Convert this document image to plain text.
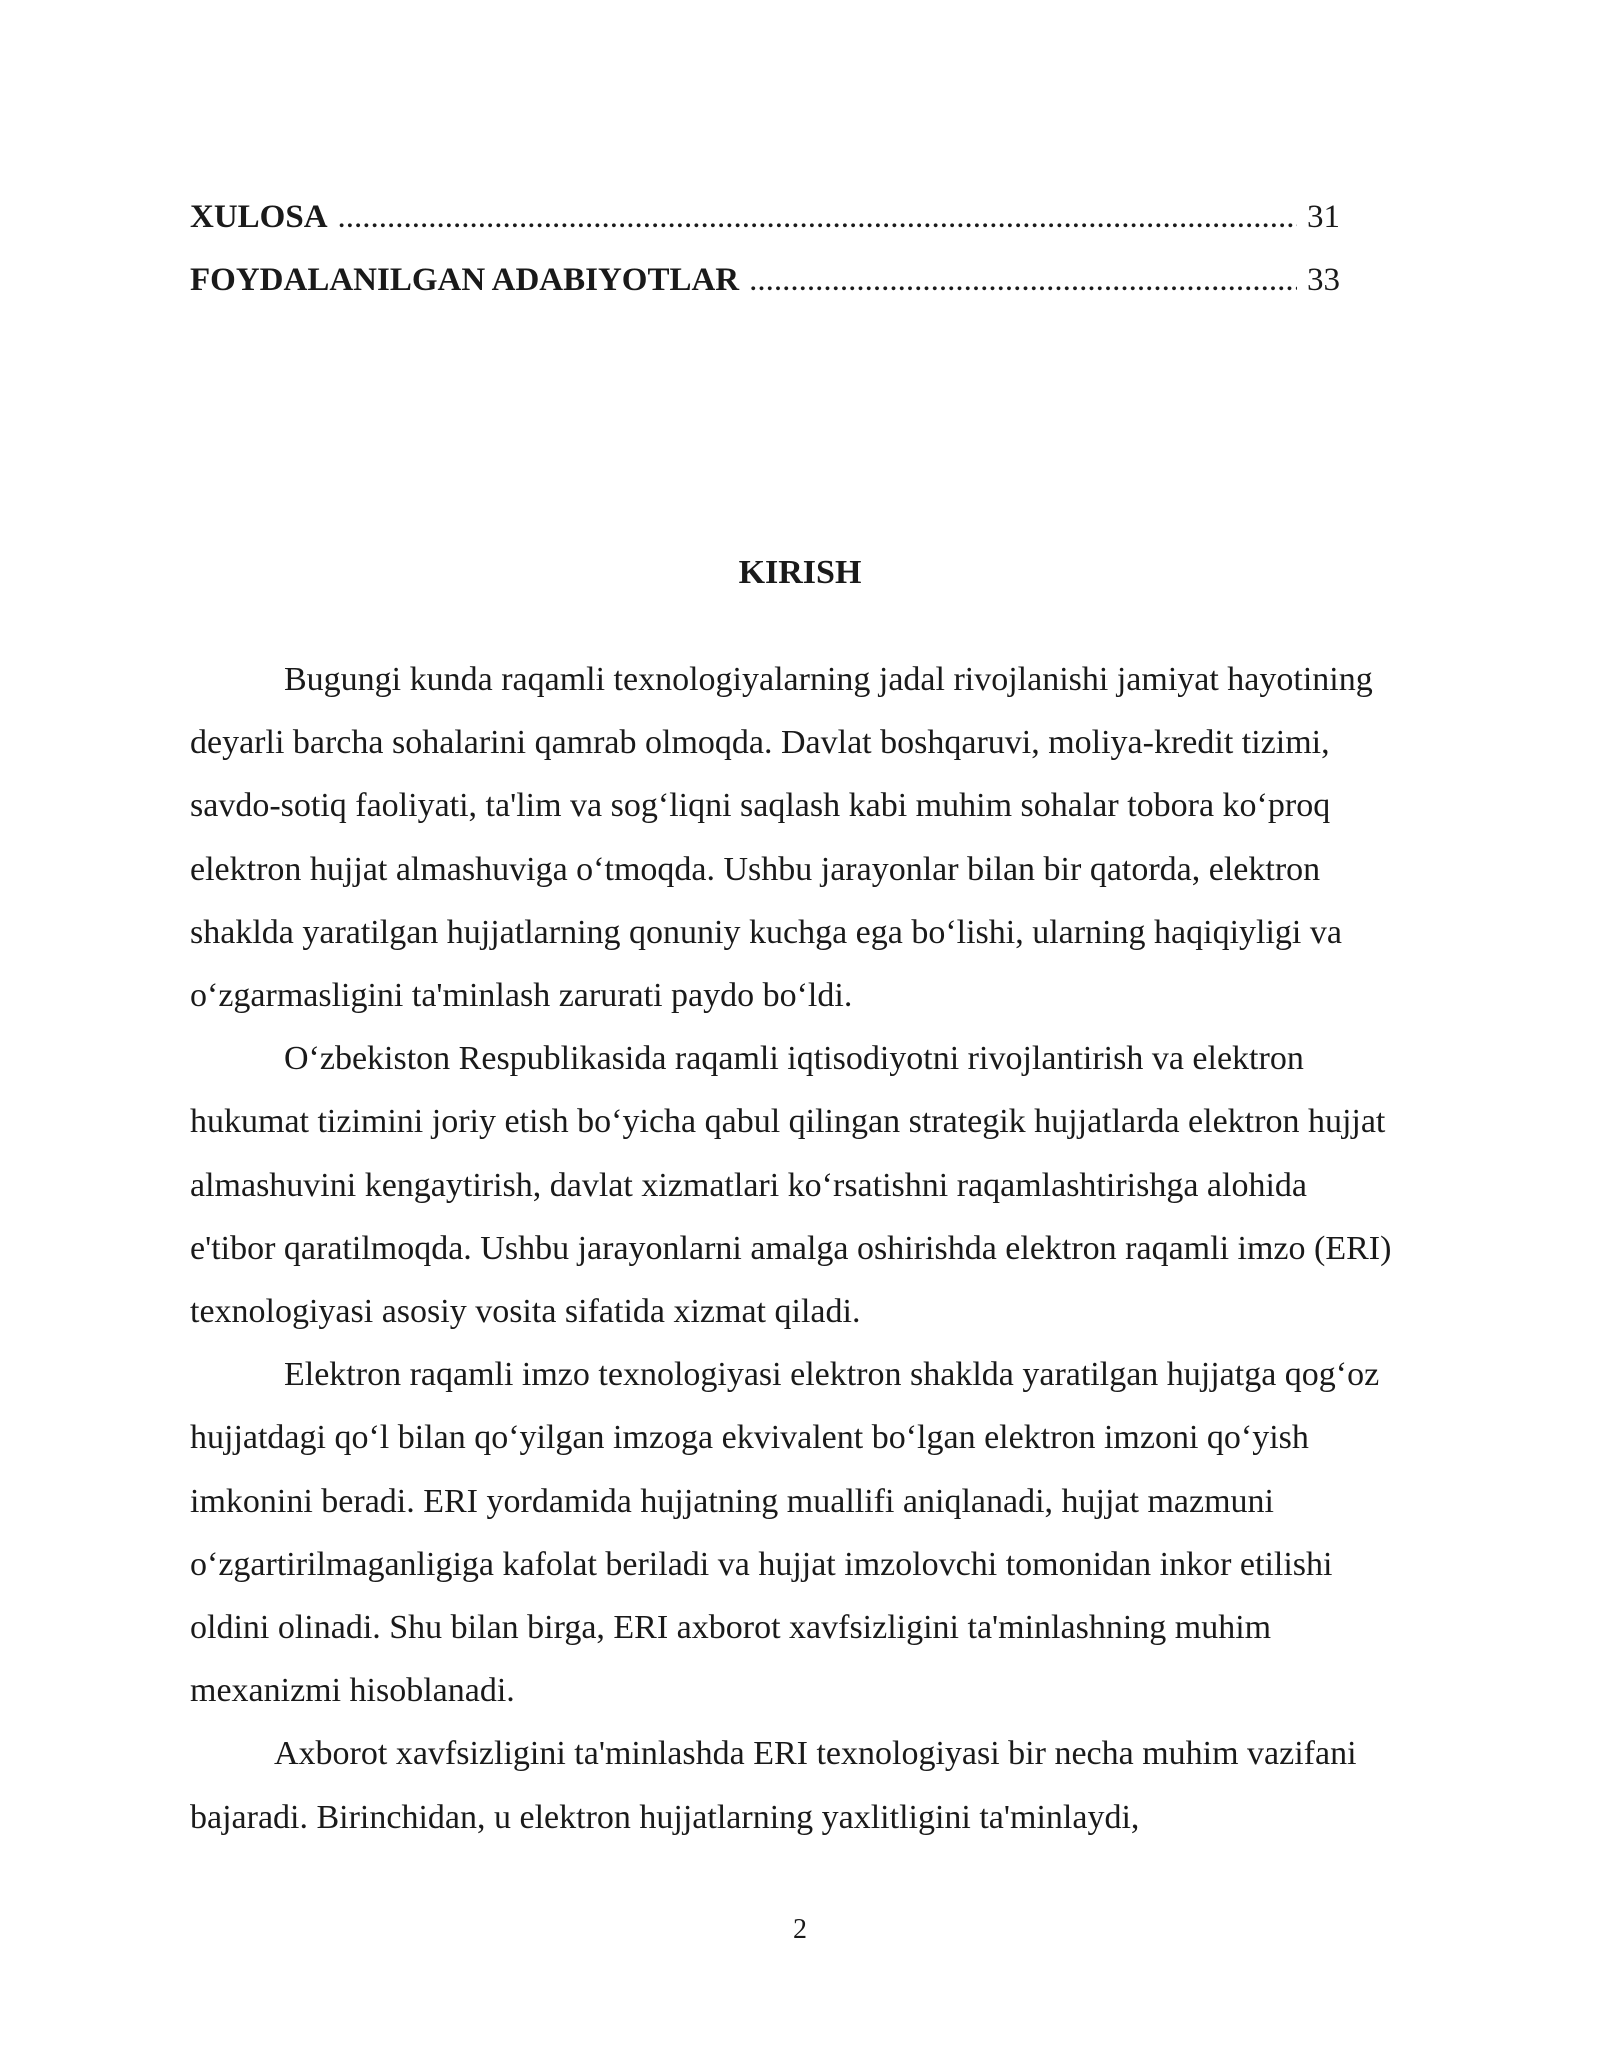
XULOSA .....	31
FOYDALANILGAN ADABIYOTLAR .....	33
KIRISH

Bugungi kunda raqamli texnologiyalarning jadal rivojlanishi jamiyat hayotining deyarli barcha sohalarini qamrab olmoqda. Davlat boshqaruvi, moliya-kredit tizimi, savdo-sotiq faoliyati, ta'lim va sog‘liqni saqlash kabi muhim sohalar tobora ko‘proq elektron hujjat almashuviga o‘tmoqda. Ushbu jarayonlar bilan bir qatorda, elektron shaklda yaratilgan hujjatlarning qonuniy kuchga ega bo‘lishi, ularning haqiqiyligi va o‘zgarmasligini ta'minlash zarurati paydo bo‘ldi.

O‘zbekiston Respublikasida raqamli iqtisodiyotni rivojlantirish va elektron hukumat tizimini joriy etish bo‘yicha qabul qilingan strategik hujjatlarda elektron hujjat almashuvini kengaytirish, davlat xizmatlari ko‘rsatishni raqamlashtirishga alohida e'tibor qaratilmoqda. Ushbu jarayonlarni amalga oshirishda elektron raqamli imzo (ERI) texnologiyasi asosiy vosita sifatida xizmat qiladi.

Elektron raqamli imzo texnologiyasi elektron shaklda yaratilgan hujjatga qog‘oz hujjatdagi qo‘l bilan qo‘yilgan imzoga ekvivalent bo‘lgan elektron imzoni qo‘yish imkonini beradi. ERI yordamida hujjatning muallifi aniqlanadi, hujjat mazmuni o‘zgartirilmaganligiga kafolat beriladi va hujjat imzolovchi tomonidan inkor etilishi oldini olinadi. Shu bilan birga, ERI axborot xavfsizligini ta'minlashning muhim mexanizmi hisoblanadi.

Axborot xavfsizligini ta'minlashda ERI texnologiyasi bir necha muhim vazifani bajaradi. Birinchidan, u elektron hujjatlarning yaxlitligini ta'minlaydi,

2
